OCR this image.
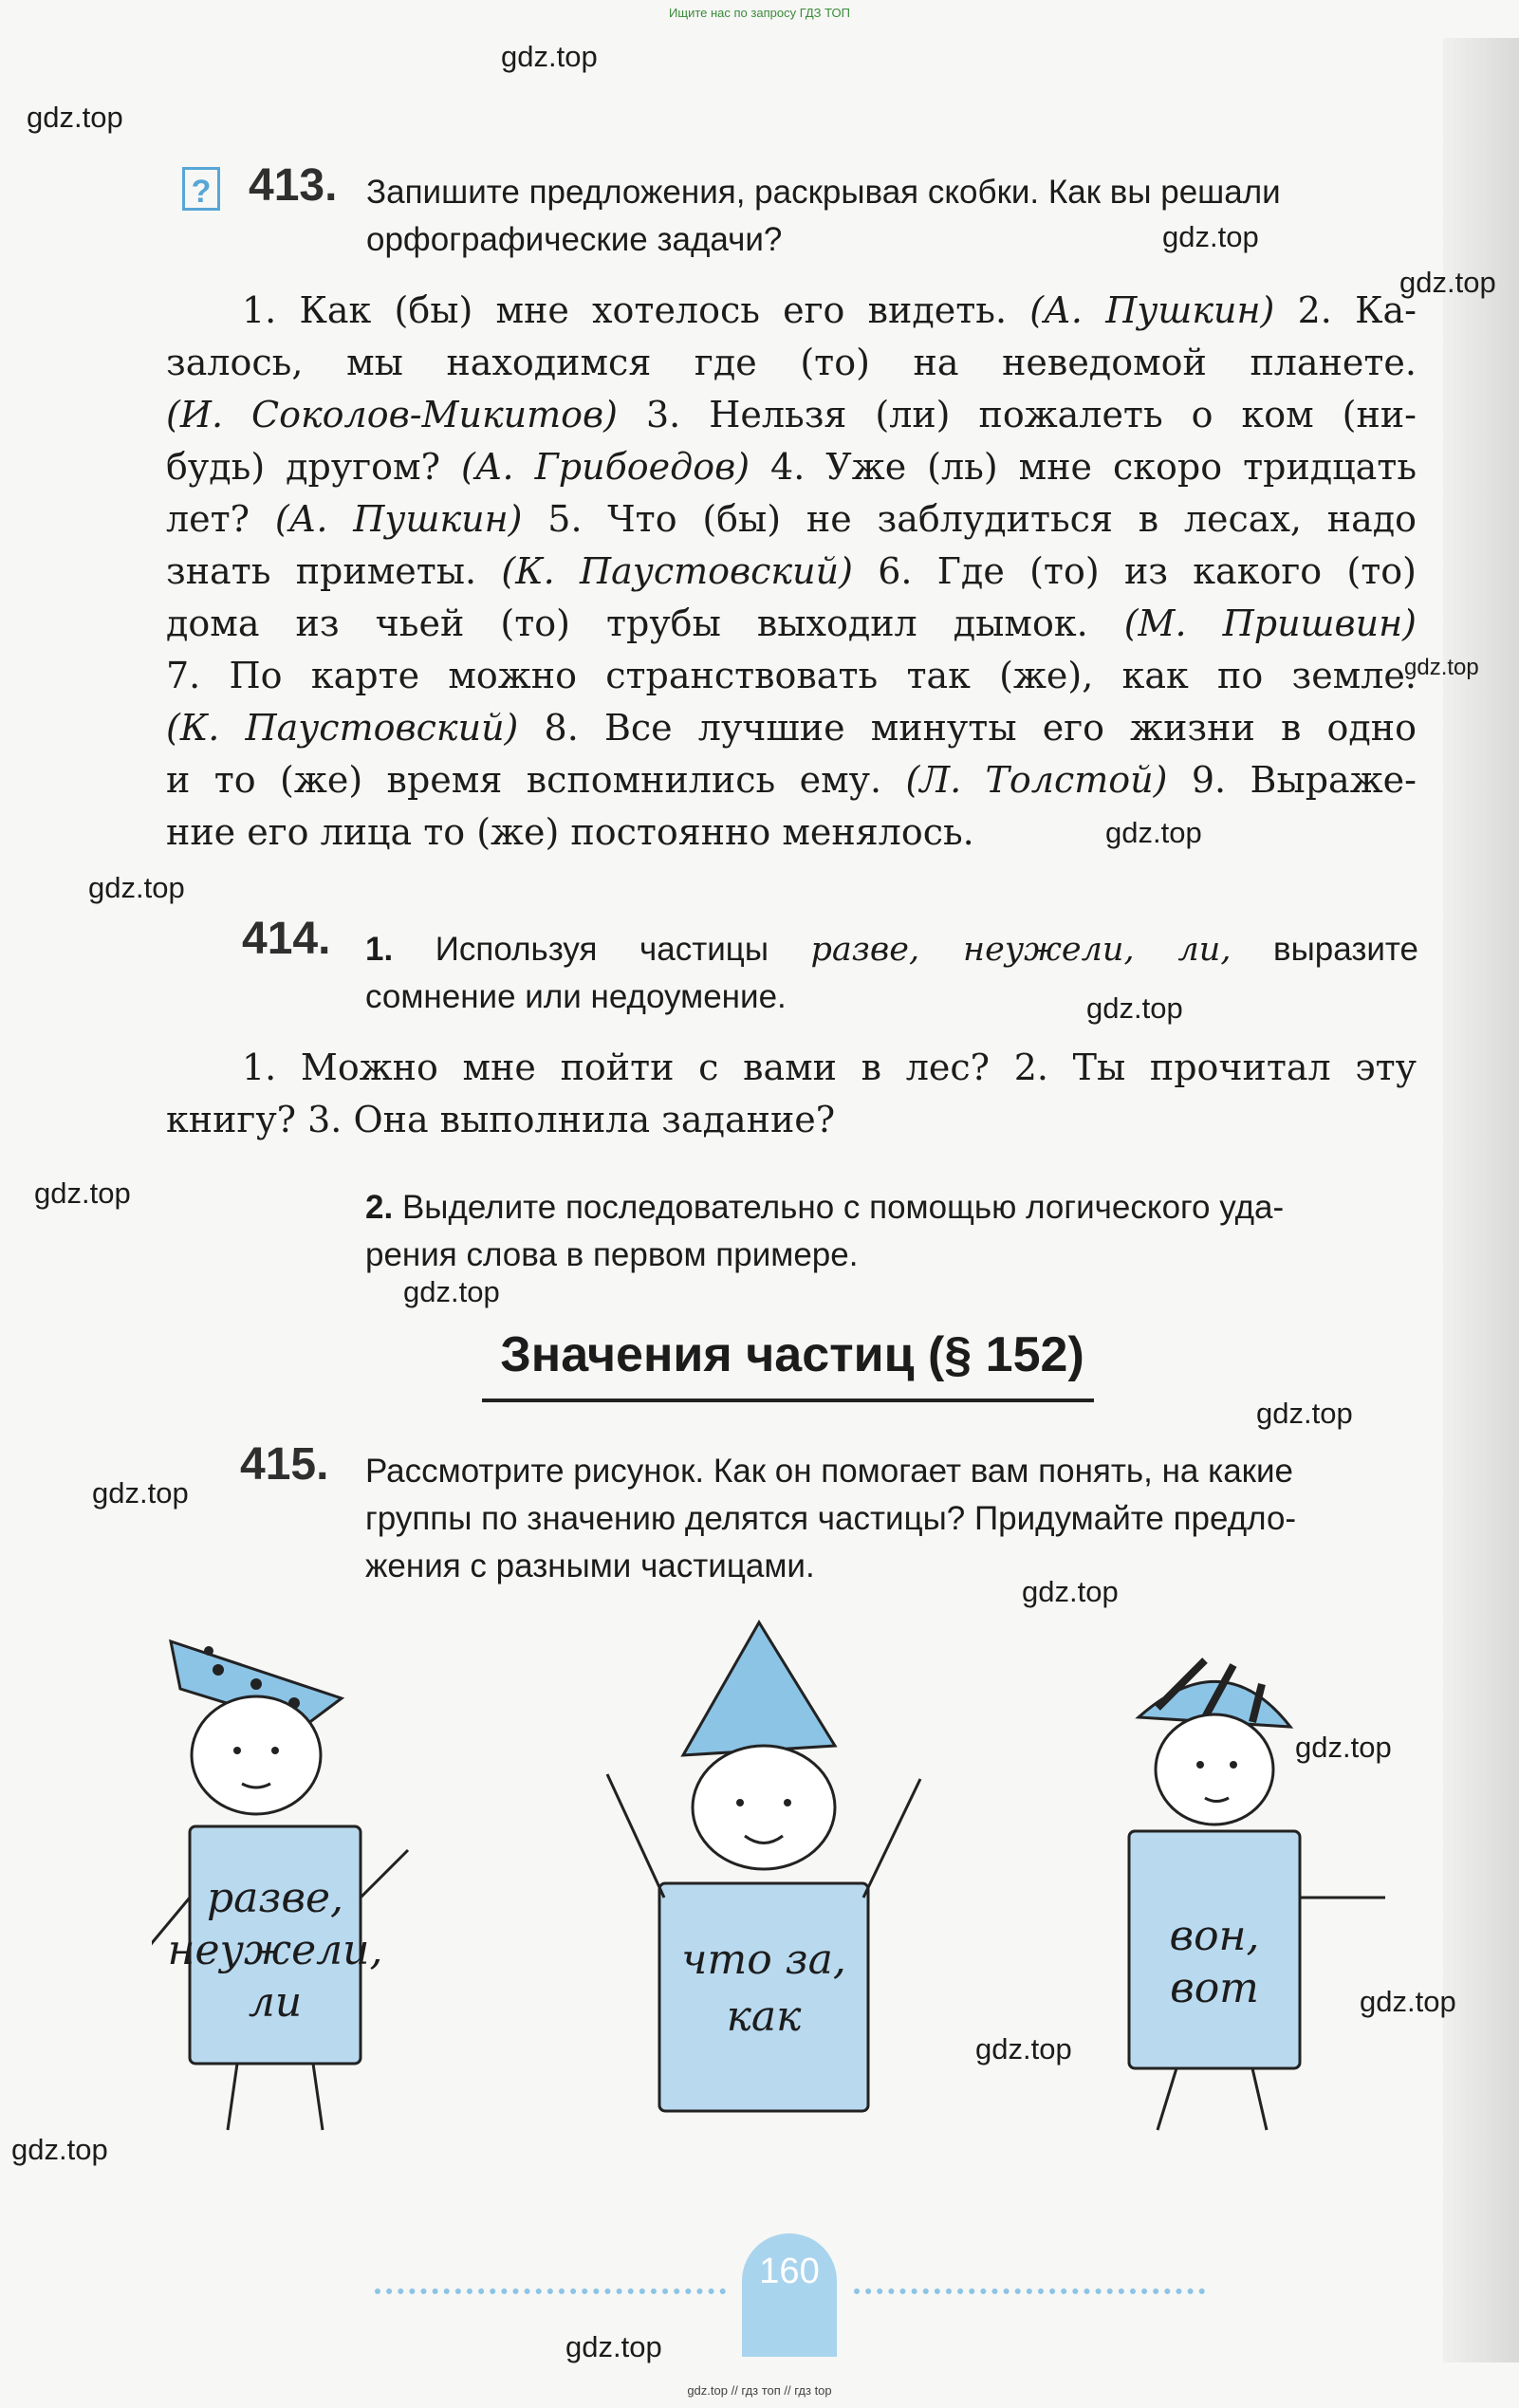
Ищите нас по запросу ГДЗ ТОП
gdz.top
gdz.top
gdz.top
gdz.top
gdz.top
gdz.top
gdz.top
gdz.top
gdz.top
gdz.top
gdz.top
gdz.top
gdz.top
gdz.top
gdz.top
gdz.top
gdz.top
gdz.top
? 413. Запишите предложения, раскрывая скобки. Как вы решали
орфографические задачи?
1. Как (бы) мне хотелось его видеть. (А. Пушкин) 2. Ка-
залось, мы находимся где (то) на неведомой планете.
(И. Соколов-Микитов) 3. Нельзя (ли) пожалеть о ком (ни-
будь) другом? (А. Грибоедов) 4. Уже (ль) мне скоро тридцать
лет? (А. Пушкин) 5. Что (бы) не заблудиться в лесах, надо
знать приметы. (К. Паустовский) 6. Где (то) из какого (то)
дома из чьей (то) трубы выходил дымок. (М. Пришвин)
7. По карте можно странствовать так (же), как по земле.
(К. Паустовский) 8. Все лучшие минуты его жизни в одно
и то (же) время вспомнились ему. (Л. Толстой) 9. Выраже-
ние его лица то (же) постоянно менялось.
414. 1. Используя частицы разве, неужели, ли, выразите
сомнение или недоумение.
1. Можно мне пойти с вами в лес? 2. Ты прочитал эту
книгу? 3. Она выполнила задание?
2. Выделите последовательно с помощью логического уда-
рения слова в первом примере.
Значения частиц (§ 152)
415. Рассмотрите рисунок. Как он помогает вам понять, на какие
группы по значению делятся частицы? Придумайте предло-
жения с разными частицами.
разве,
неужели,
ли
что за,
как
вон,
вот
160
gdz.top // гдз топ // гдз top
